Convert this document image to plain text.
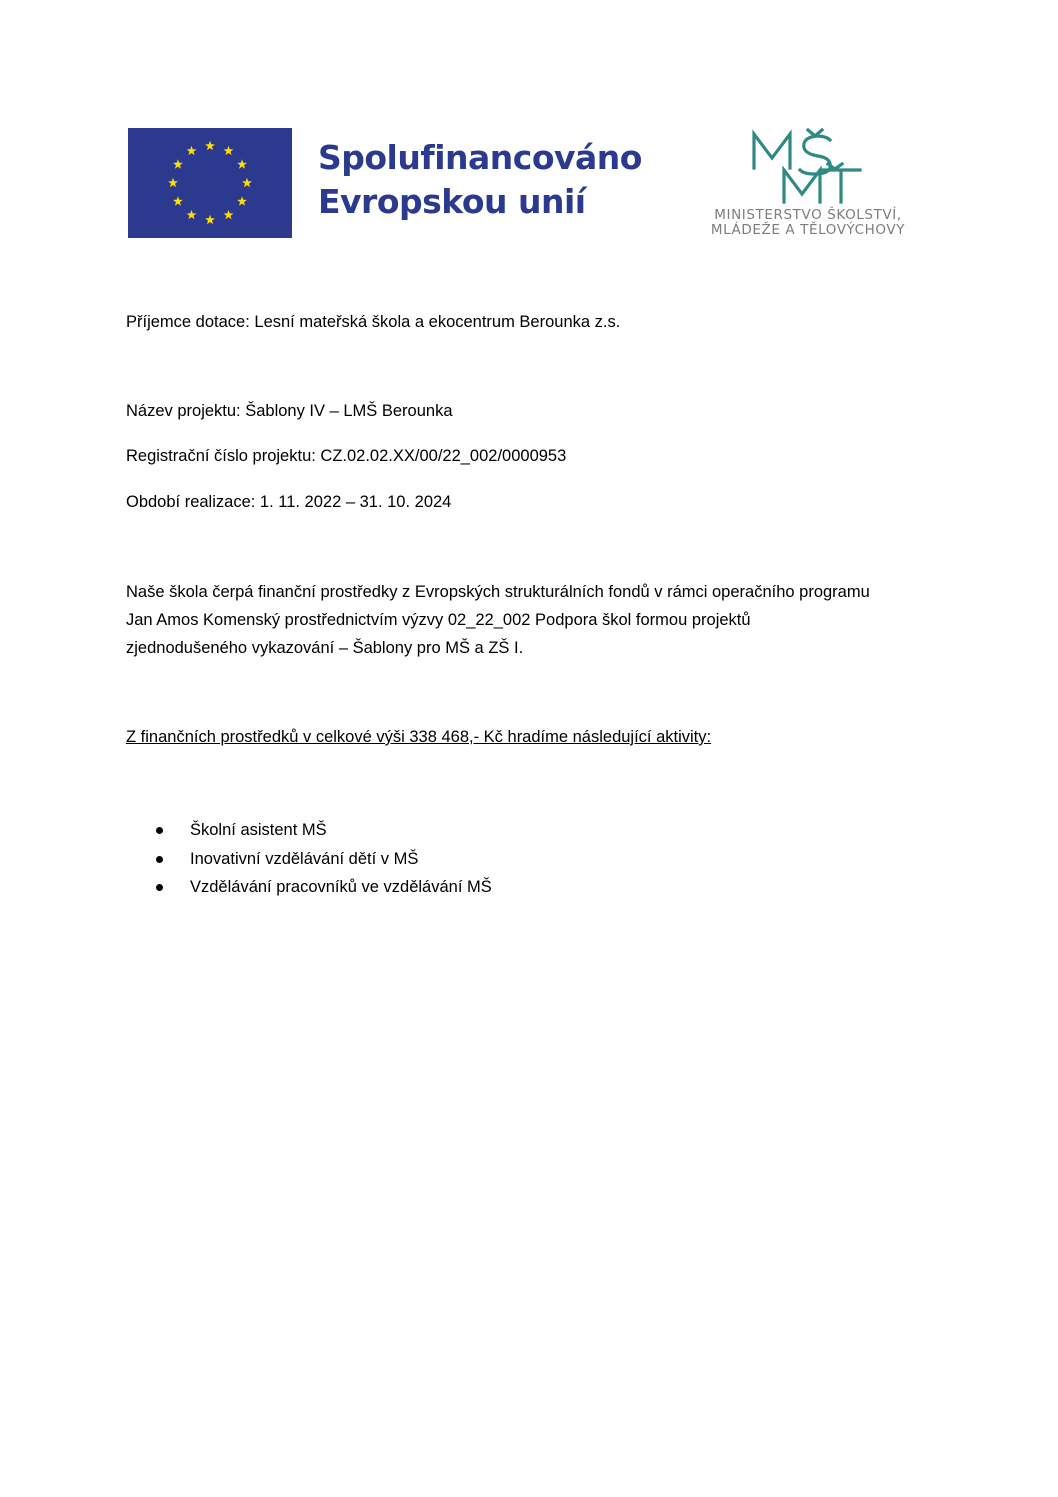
Spolufinancováno
Evropskou unií	MINISTERSTVO ŠKOLSTVÍ,
MLÁDEŽE A TĚLOVÝCHOVY
Příjemce dotace: Lesní mateřská škola a ekocentrum Berounka z.s.
Název projektu: Šablony IV – LMŠ Berounka
Registrační číslo projektu: CZ.02.02.XX/00/22_002/0000953
Období realizace: 1. 11. 2022 – 31. 10. 2024
Naše škola čerpá finanční prostředky z Evropských strukturálních fondů v rámci operačního programu
Jan Amos Komenský prostřednictvím výzvy 02_22_002 Podpora škol formou projektů
zjednodušeného vykazování – Šablony pro MŠ a ZŠ I.
Z finančních prostředků v celkové výši 338 468,- Kč hradíme následující aktivity:
Školní asistent MŠ
Inovativní vzdělávání dětí v MŠ
Vzdělávání pracovníků ve vzdělávání MŠ
